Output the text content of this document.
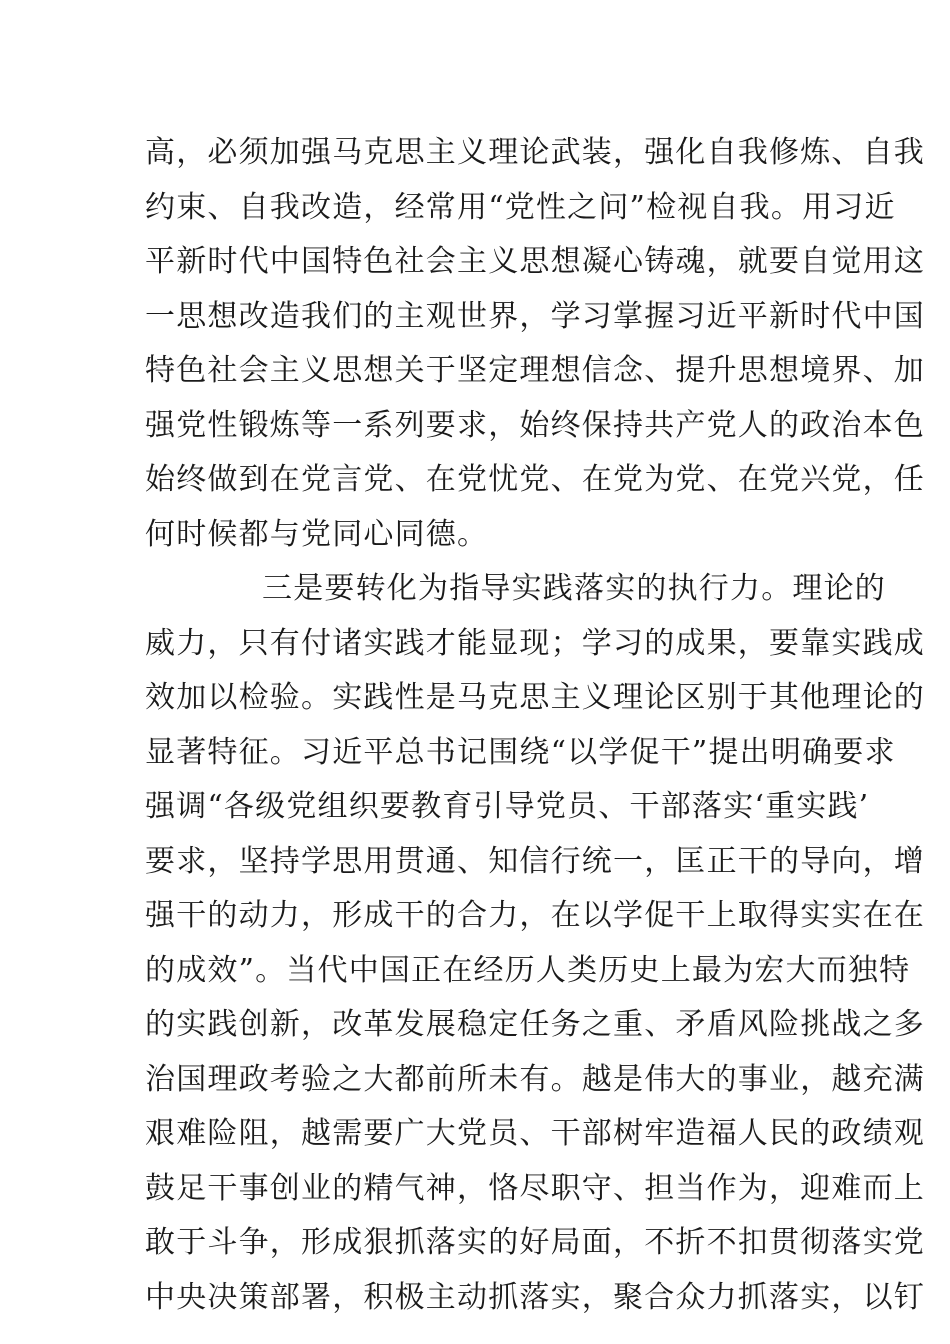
高，必须加强马克思主义理论武装，强化自我修炼、自我
约束、自我改造，经常用“党性之问”检视自我。用习近
平新时代中国特色社会主义思想凝心铸魂，就要自觉用这
一思想改造我们的主观世界，学习掌握习近平新时代中国
特色社会主义思想关于坚定理想信念、提升思想境界、加
强党性锻炼等一系列要求，始终保持共产党人的政治本色
始终做到在党言党、在党忧党、在党为党、在党兴党，任
何时候都与党同心同德。
三是要转化为指导实践落实的执行力。理论的
威力，只有付诸实践才能显现；学习的成果，要靠实践成
效加以检验。实践性是马克思主义理论区别于其他理论的
显著特征。习近平总书记围绕“以学促干”提出明确要求
强调“各级党组织要教育引导党员、干部落实‘重实践’
要求，坚持学思用贯通、知信行统一，匡正干的导向，增
强干的动力，形成干的合力，在以学促干上取得实实在在
的成效”。当代中国正在经历人类历史上最为宏大而独特
的实践创新，改革发展稳定任务之重、矛盾风险挑战之多
治国理政考验之大都前所未有。越是伟大的事业，越充满
艰难险阻，越需要广大党员、干部树牢造福人民的政绩观
鼓足干事创业的精气神，恪尽职守、担当作为，迎难而上
敢于斗争，形成狠抓落实的好局面，不折不扣贯彻落实党
中央决策部署，积极主动抓落实，聚合众力抓落实，以钉
